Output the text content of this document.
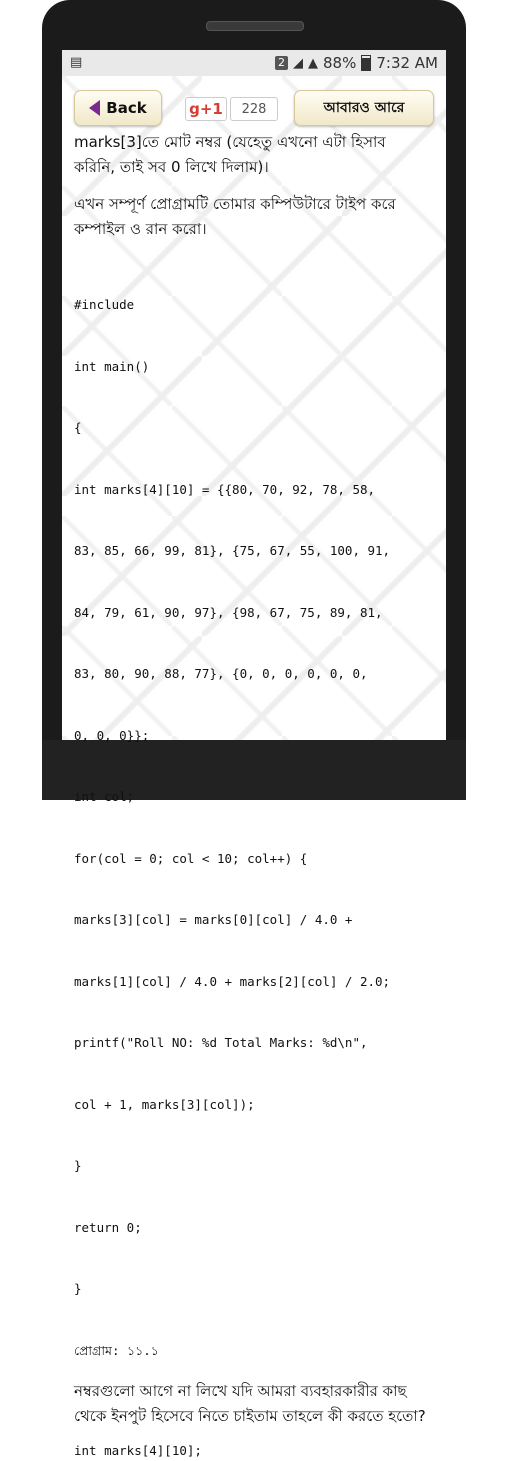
▤	2 ◢ ▲ 88% 7:32 AM
Back	g+1	228	আবারও আরে
marks[3]তে মোট নম্বর (যেহেতু এখনো এটা হিসাব
করিনি, তাই সব 0 লিখে দিলাম)।

এখন সম্পূর্ণ প্রোগ্রামটি তোমার কম্পিউটারে টাইপ করে কম্পাইল ও রান করো।

#include

int main()

{

int marks[4][10] = {{80, 70, 92, 78, 58,

83, 85, 66, 99, 81}, {75, 67, 55, 100, 91,

84, 79, 61, 90, 97}, {98, 67, 75, 89, 81,

83, 80, 90, 88, 77}, {0, 0, 0, 0, 0, 0,

0, 0, 0}};

int col;

for(col = 0; col < 10; col++) {

marks[3][col] = marks[0][col] / 4.0 +

marks[1][col] / 4.0 + marks[2][col] / 2.0;

printf("Roll NO: %d Total Marks: %d\n",

col + 1, marks[3][col]);

}

return 0;

}

প্রোগ্রাম: ১১.১

নম্বরগুলো আগে না লিখে যদি আমরা ব্যবহারকারীর কাছ থেকে ইনপুট হিসেবে নিতে চাইতাম তাহলে কী করতে হতো?

int marks[4][10];
